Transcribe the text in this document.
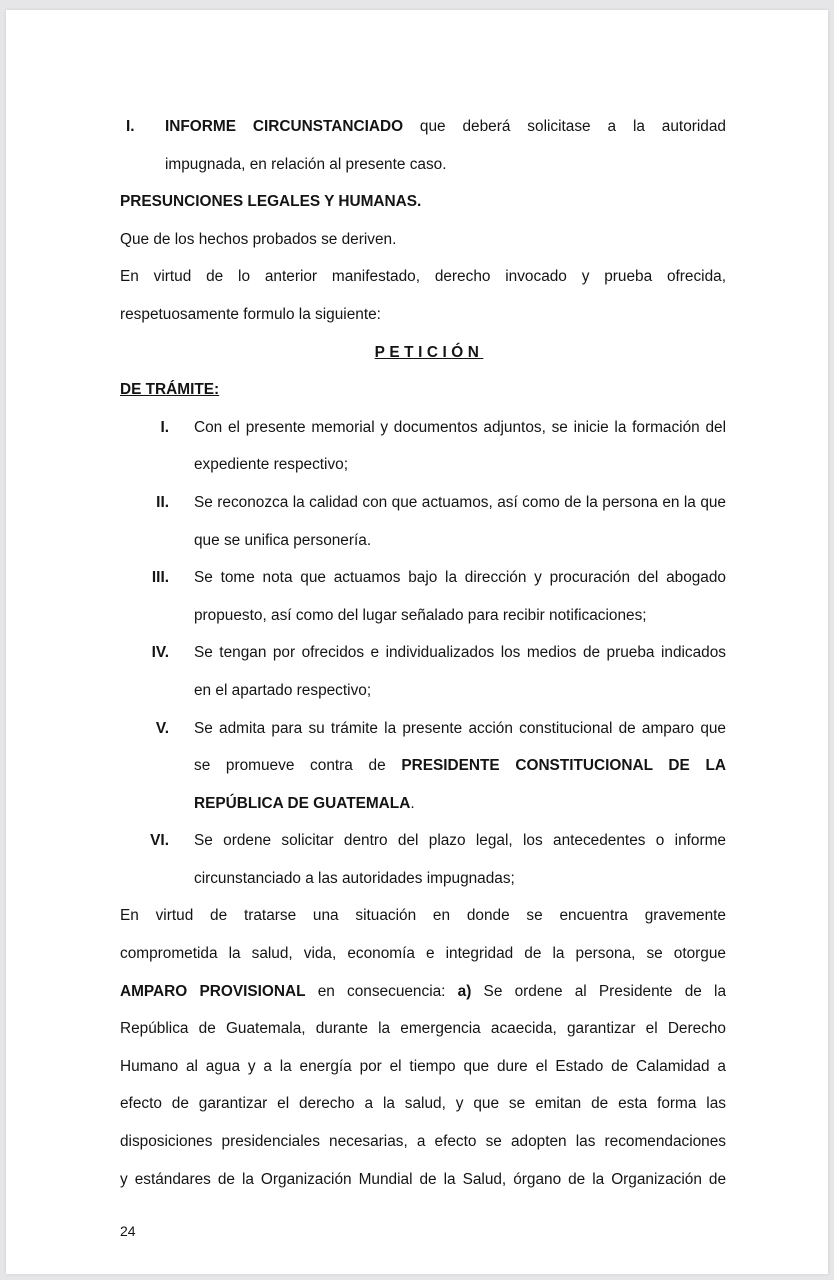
I.	INFORME CIRCUNSTANCIADO que deberá solicitase a la autoridad

impugnada, en relación al presente caso.

PRESUNCIONES LEGALES Y HUMANAS.

Que de los hechos probados se deriven.

En virtud de lo anterior manifestado, derecho invocado y prueba ofrecida,

respetuosamente formulo la siguiente:

PETICIÓN

DE TRÁMITE:

I. Con el presente memorial y documentos adjuntos, se inicie la formación del

expediente respectivo;

II. Se reconozca la calidad con que actuamos, así como de la persona en la que

que se unifica personería.

III. Se tome nota que actuamos bajo la dirección y procuración del abogado

propuesto, así como del lugar señalado para recibir notificaciones;

IV. Se tengan por ofrecidos e individualizados los medios de prueba indicados

en el apartado respectivo;

V. Se admita para su trámite la presente acción constitucional de amparo que

se promueve contra de PRESIDENTE CONSTITUCIONAL DE LA

REPÚBLICA DE GUATEMALA.

VI. Se ordene solicitar dentro del plazo legal, los antecedentes o informe

circunstanciado a las autoridades impugnadas;

En virtud de tratarse una situación en donde se encuentra gravemente

comprometida la salud, vida, economía e integridad de la persona, se otorgue

AMPARO PROVISIONAL en consecuencia: a) Se ordene al Presidente de la

República de Guatemala, durante la emergencia acaecida, garantizar el Derecho

Humano al agua y a la energía por el tiempo que dure el Estado de Calamidad a

efecto de garantizar el derecho a la salud, y que se emitan de esta forma las

disposiciones presidenciales necesarias, a efecto se adopten las recomendaciones

y estándares de la Organización Mundial de la Salud, órgano de la Organización de

24
